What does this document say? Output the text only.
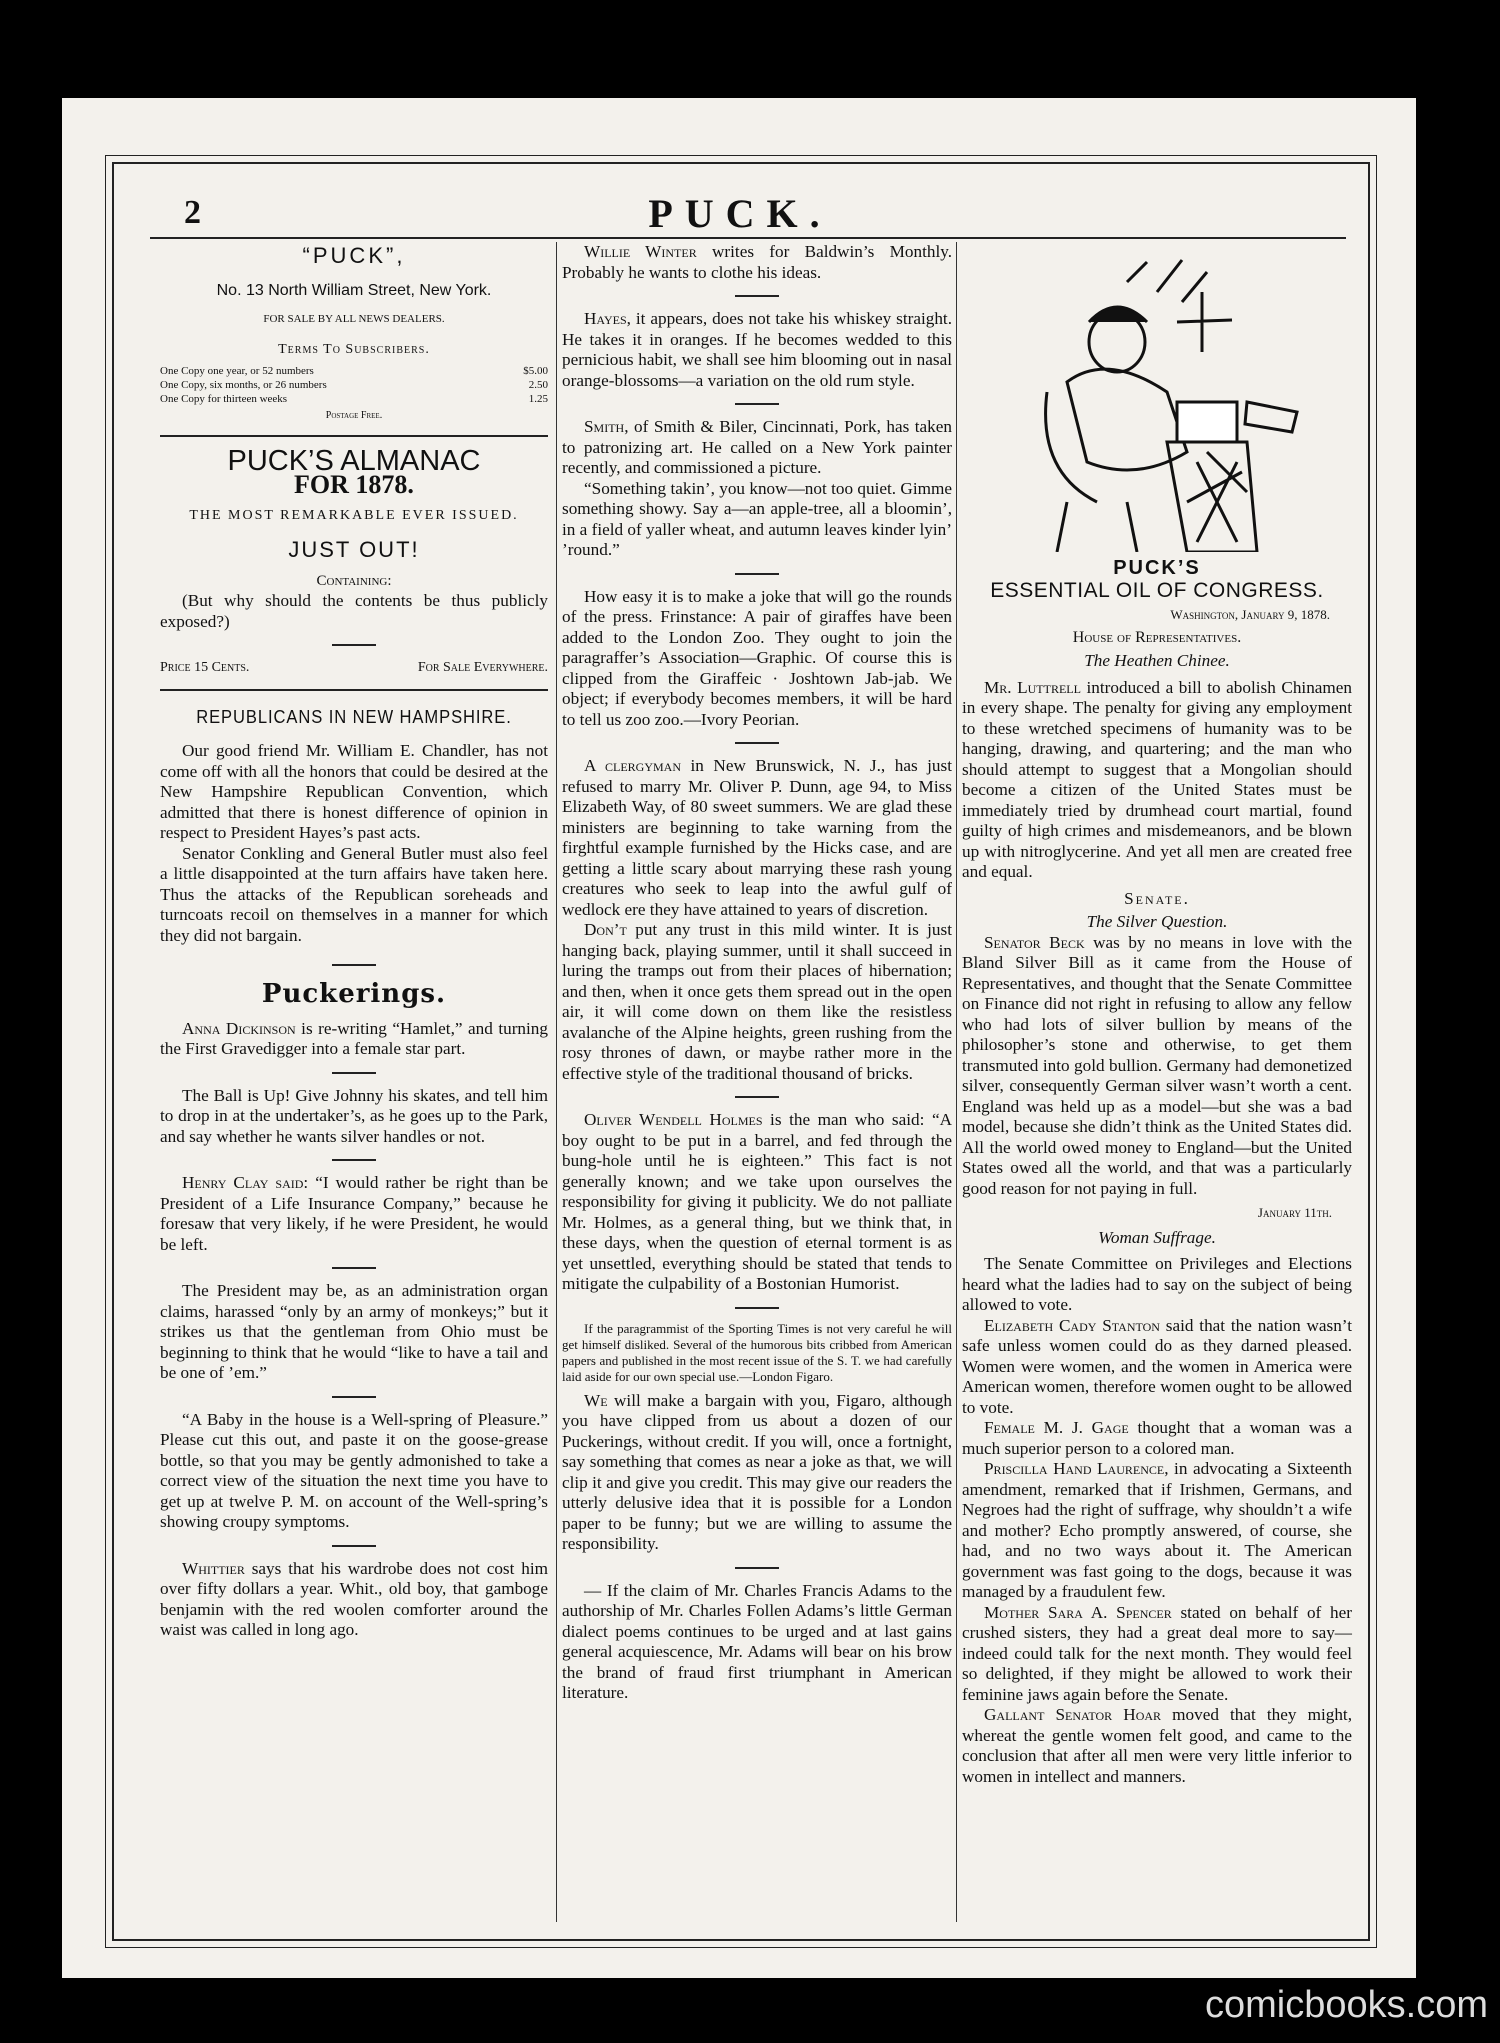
2	PUCK.
“PUCK”,
No. 13 North William Street, New York.
FOR SALE BY ALL NEWS DEALERS.
Terms To Subscribers.
One Copy one year, or 52 numbers	$5.00
One Copy, six months, or 26 numbers	2.50
One Copy for thirteen weeks	1.25
Postage Free.
PUCK’S ALMANAC
FOR 1878.
THE MOST REMARKABLE EVER ISSUED.
JUST OUT!
Containing:

(But why should the contents be thus publicly exposed?)

Price 15 Cents.	For Sale Everywhere.
REPUBLICANS IN NEW HAMPSHIRE.

Our good friend Mr. William E. Chandler, has not come off with all the honors that could be desired at the New Hampshire Republican Convention, which admitted that there is honest difference of opinion in respect to President Hayes’s past acts.

Senator Conkling and General Butler must also feel a little disappointed at the turn affairs have taken here. Thus the attacks of the Republican soreheads and turncoats recoil on themselves in a manner for which they did not bargain.

Puckerings.

Anna Dickinson is re-writing “Hamlet,” and turning the First Gravedigger into a female star part.

The Ball is Up! Give Johnny his skates, and tell him to drop in at the undertaker’s, as he goes up to the Park, and say whether he wants silver handles or not.

Henry Clay said: “I would rather be right than be President of a Life Insurance Company,” because he foresaw that very likely, if he were President, he would be left.

The President may be, as an administration organ claims, harassed “only by an army of monkeys;” but it strikes us that the gentleman from Ohio must be beginning to think that he would “like to have a tail and be one of ’em.”

“A Baby in the house is a Well-spring of Pleasure.” Please cut this out, and paste it on the goose-grease bottle, so that you may be gently admonished to take a correct view of the situation the next time you have to get up at twelve P. M. on account of the Well-spring’s showing croupy symptoms.

Whittier says that his wardrobe does not cost him over fifty dollars a year. Whit., old boy, that gamboge benjamin with the red woolen comforter around the waist was called in long ago.

Willie Winter writes for Baldwin’s Monthly. Probably he wants to clothe his ideas.

Hayes, it appears, does not take his whiskey straight. He takes it in oranges. If he becomes wedded to this pernicious habit, we shall see him blooming out in nasal orange-blossoms—a variation on the old rum style.

Smith, of Smith & Biler, Cincinnati, Pork, has taken to patronizing art. He called on a New York painter recently, and commissioned a picture.

“Something takin’, you know—not too quiet. Gimme something showy. Say a—an apple-tree, all a bloomin’, in a field of yaller wheat, and autumn leaves kinder lyin’ ’round.”

How easy it is to make a joke that will go the rounds of the press. Frinstance: A pair of giraffes have been added to the London Zoo. They ought to join the paragraffer’s Association—Graphic. Of course this is clipped from the Giraffeic · Joshtown Jab-jab. We object; if everybody becomes members, it will be hard to tell us zoo zoo.—Ivory Peorian.

A clergyman in New Brunswick, N. J., has just refused to marry Mr. Oliver P. Dunn, age 94, to Miss Elizabeth Way, of 80 sweet summers. We are glad these ministers are beginning to take warning from the firghtful example furnished by the Hicks case, and are getting a little scary about marrying these rash young creatures who seek to leap into the awful gulf of wedlock ere they have attained to years of discretion.

Don’t put any trust in this mild winter. It is just hanging back, playing summer, until it shall succeed in luring the tramps out from their places of hibernation; and then, when it once gets them spread out in the open air, it will come down on them like the resistless avalanche of the Alpine heights, green rushing from the rosy thrones of dawn, or maybe rather more in the effective style of the traditional thousand of bricks.

Oliver Wendell Holmes is the man who said: “A boy ought to be put in a barrel, and fed through the bung-hole until he is eighteen.” This fact is not generally known; and we take upon ourselves the responsibility for giving it publicity. We do not palliate Mr. Holmes, as a general thing, but we think that, in these days, when the question of eternal torment is as yet unsettled, everything should be stated that tends to mitigate the culpability of a Bostonian Humorist.

If the paragrammist of the Sporting Times is not very careful he will get himself disliked. Several of the humorous bits cribbed from American papers and published in the most recent issue of the S. T. we had carefully laid aside for our own special use.—London Figaro.

We will make a bargain with you, Figaro, although you have clipped from us about a dozen of our Puckerings, without credit. If you will, once a fortnight, say something that comes as near a joke as that, we will clip it and give you credit. This may give our readers the utterly delusive idea that it is possible for a London paper to be funny; but we are willing to assume the responsibility.

— If the claim of Mr. Charles Francis Adams to the authorship of Mr. Charles Follen Adams’s little German dialect poems continues to be urged and at last gains general acquiescence, Mr. Adams will bear on his brow the brand of fraud first triumphant in American literature.

PUCK’S
ESSENTIAL OIL OF CONGRESS.
Washington, January 9, 1878.
House of Representatives.
The Heathen Chinee.

Mr. Luttrell introduced a bill to abolish Chinamen in every shape. The penalty for giving any employment to these wretched specimens of humanity was to be hanging, drawing, and quartering; and the man who should attempt to suggest that a Mongolian should become a citizen of the United States must be immediately tried by drumhead court martial, found guilty of high crimes and misdemeanors, and be blown up with nitroglycerine. And yet all men are created free and equal.

Senate.
The Silver Question.

Senator Beck was by no means in love with the Bland Silver Bill as it came from the House of Representatives, and thought that the Senate Committee on Finance did not right in refusing to allow any fellow who had lots of silver bullion by means of the philosopher’s stone and otherwise, to get them transmuted into gold bullion. Germany had demonetized silver, consequently German silver wasn’t worth a cent. England was held up as a model—but she was a bad model, because she didn’t think as the United States did. All the world owed money to England—but the United States owed all the world, and that was a particularly good reason for not paying in full.

January 11th.
Woman Suffrage.

The Senate Committee on Privileges and Elections heard what the ladies had to say on the subject of being allowed to vote.

Elizabeth Cady Stanton said that the nation wasn’t safe unless women could do as they darned pleased. Women were women, and the women in America were American women, therefore women ought to be allowed to vote.

Female M. J. Gage thought that a woman was a much superior person to a colored man.

Priscilla Hand Laurence, in advocating a Sixteenth amendment, remarked that if Irishmen, Germans, and Negroes had the right of suffrage, why shouldn’t a wife and mother? Echo promptly answered, of course, she had, and no two ways about it. The American government was fast going to the dogs, because it was managed by a fraudulent few.

Mother Sara A. Spencer stated on behalf of her crushed sisters, they had a great deal more to say—indeed could talk for the next month. They would feel so delighted, if they might be allowed to work their feminine jaws again before the Senate.

Gallant Senator Hoar moved that they might, whereat the gentle women felt good, and came to the conclusion that after all men were very little inferior to women in intellect and manners.

comicbooks.com
